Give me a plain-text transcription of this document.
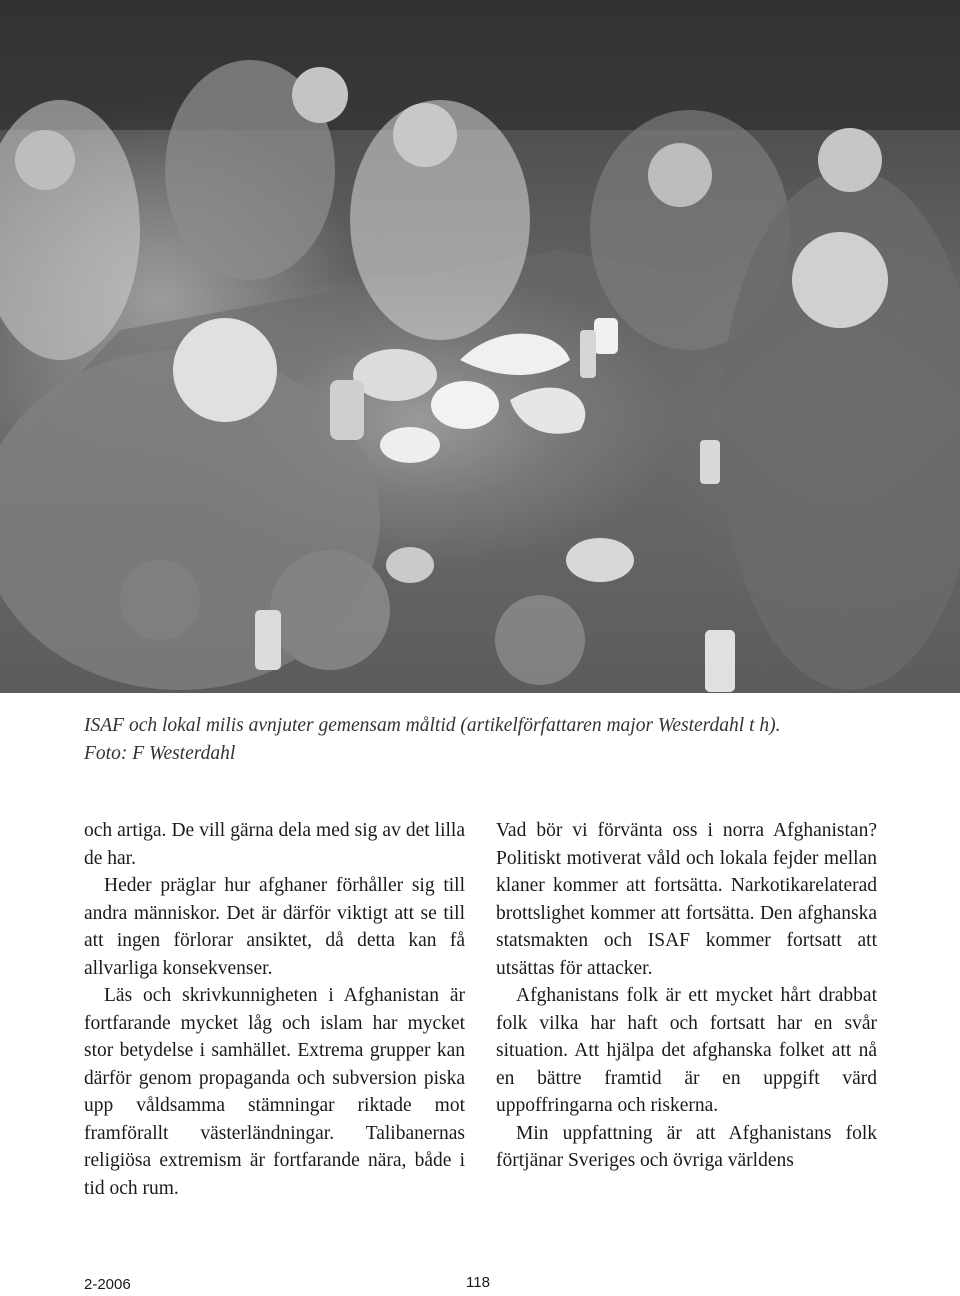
ISAF och lokal milis avnjuter gemensam måltid (artikelförfattaren major Westerdahl t h).
Foto: F Westerdahl

och artiga. De vill gärna dela med sig av det lilla de har.

Heder präglar hur afghaner förhåller sig till andra människor. Det är därför viktigt att se till att ingen förlorar ansiktet, då detta kan få allvarliga konsekvenser.

Läs och skrivkunnigheten i Afghanistan är fortfarande mycket låg och islam har mycket stor betydelse i samhället. Extrema grupper kan därför genom propaganda och subversion piska upp våldsamma stämningar riktade mot framförallt västerländningar. Talibanernas religiösa extremism är fortfarande nära, både i tid och rum.

Vad bör vi förvänta oss i norra Afghanistan? Politiskt motiverat våld och lokala fejder mellan klaner kommer att fortsätta. Narkotikarelaterad brottslighet kommer att fortsätta. Den afghanska statsmakten och ISAF kommer fortsatt att utsättas för attacker.

Afghanistans folk är ett mycket hårt drabbat folk vilka har haft och fortsatt har en svår situation. Att hjälpa det afghanska folket att nå en bättre framtid är en uppgift värd uppoffringarna och riskerna.

Min uppfattning är att Afghanistans folk förtjänar Sveriges och övriga världens

2-2006	118
